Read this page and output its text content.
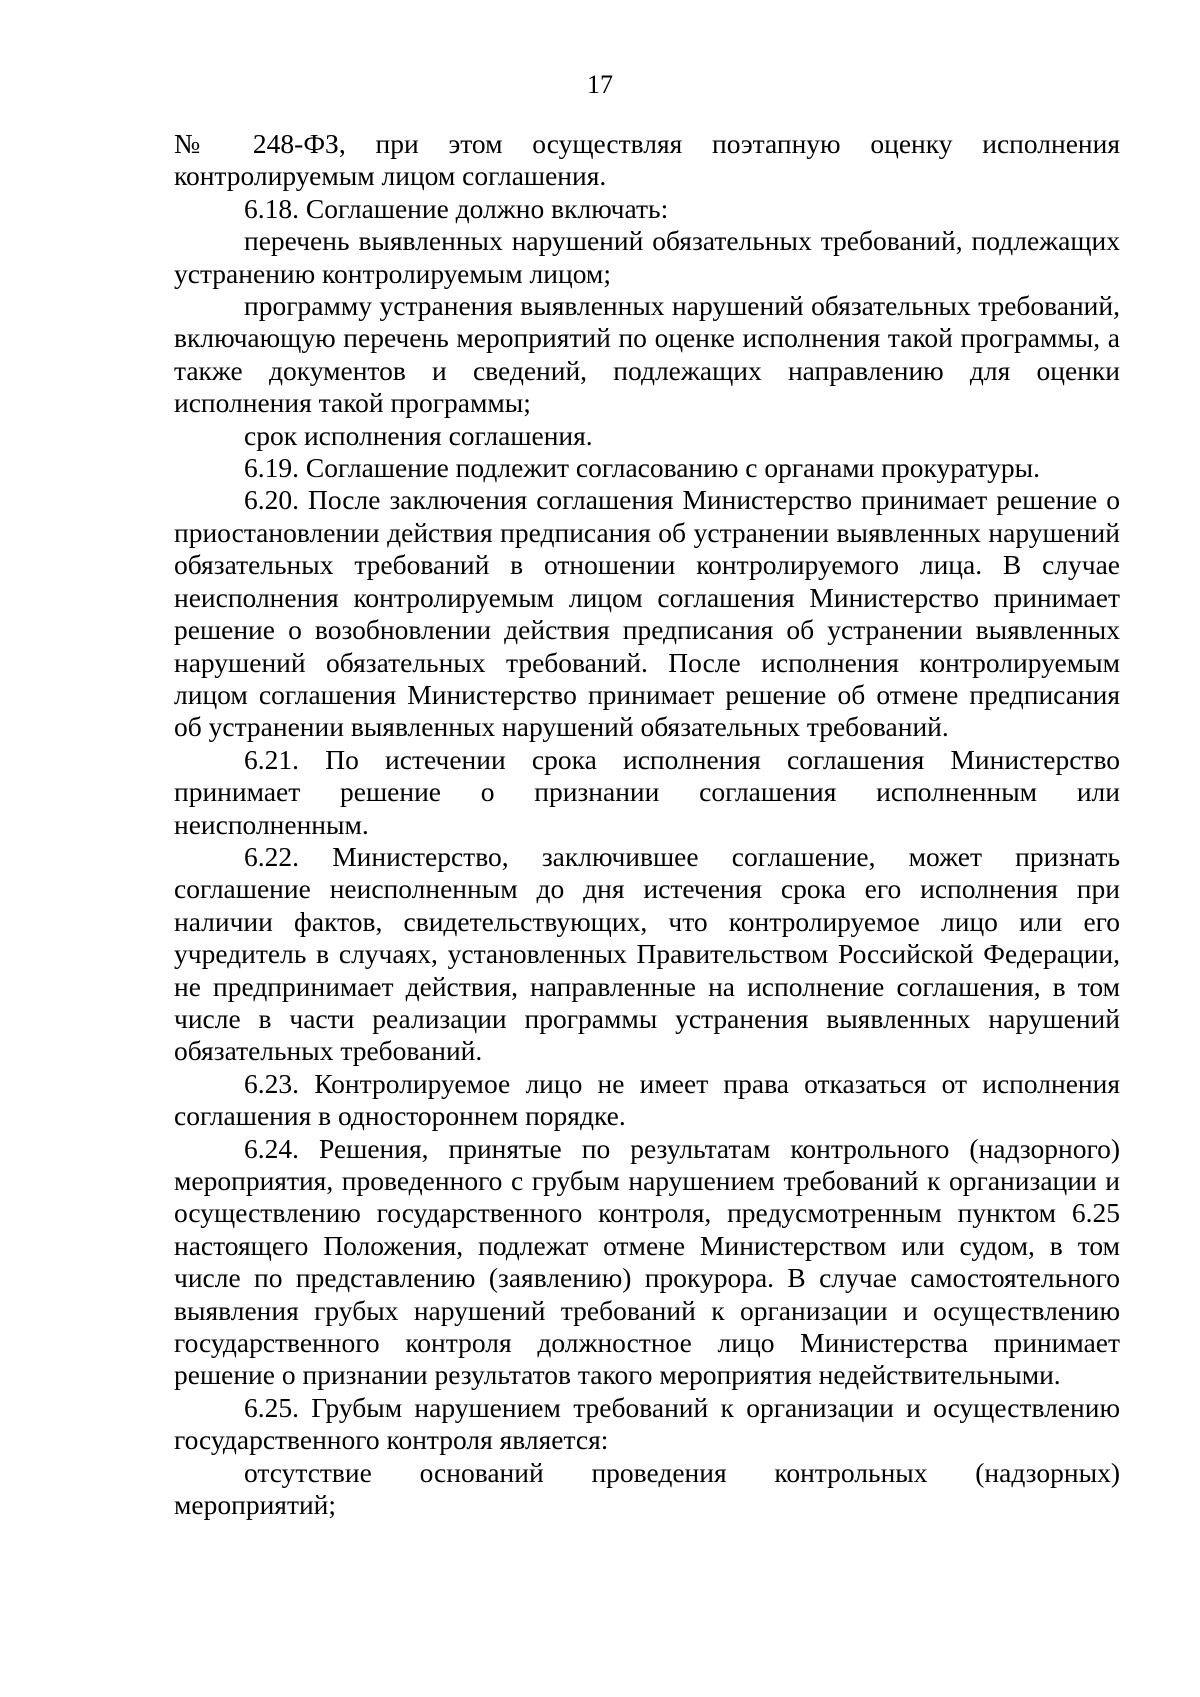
17

№ 248-ФЗ, при этом осуществляя поэтапную оценку исполнения контролируемым лицом соглашения.

6.18. Соглашение должно включать:

перечень выявленных нарушений обязательных требований, подлежащих устранению контролируемым лицом;

программу устранения выявленных нарушений обязательных требований, включающую перечень мероприятий по оценке исполнения такой программы, а также документов и сведений, подлежащих направлению для оценки исполнения такой программы;

срок исполнения соглашения.

6.19. Соглашение подлежит согласованию с органами прокуратуры.

6.20. После заключения соглашения Министерство принимает решение о приостановлении действия предписания об устранении выявленных нарушений обязательных требований в отношении контролируемого лица. В случае неисполнения контролируемым лицом соглашения Министерство принимает решение о возобновлении действия предписания об устранении выявленных нарушений обязательных требований. После исполнения контролируемым лицом соглашения Министерство принимает решение об отмене предписания об устранении выявленных нарушений обязательных требований.

6.21. По истечении срока исполнения соглашения Министерство принимает решение о признании соглашения исполненным или неисполненным.

6.22. Министерство, заключившее соглашение, может признать соглашение неисполненным до дня истечения срока его исполнения при наличии фактов, свидетельствующих, что контролируемое лицо или его учредитель в случаях, установленных Правительством Российской Федерации, не предпринимает действия, направленные на исполнение соглашения, в том числе в части реализации программы устранения выявленных нарушений обязательных требований.

6.23. Контролируемое лицо не имеет права отказаться от исполнения соглашения в одностороннем порядке.

6.24. Решения, принятые по результатам контрольного (надзорного) мероприятия, проведенного с грубым нарушением требований к организации и осуществлению государственного контроля, предусмотренным пунктом 6.25 настоящего Положения, подлежат отмене Министерством или судом, в том числе по представлению (заявлению) прокурора. В случае самостоятельного выявления грубых нарушений требований к организации и осуществлению государственного контроля должностное лицо Министерства принимает решение о признании результатов такого мероприятия недействительными.

6.25. Грубым нарушением требований к организации и осуществлению государственного контроля является:

отсутствие оснований проведения контрольных (надзорных) мероприятий;
